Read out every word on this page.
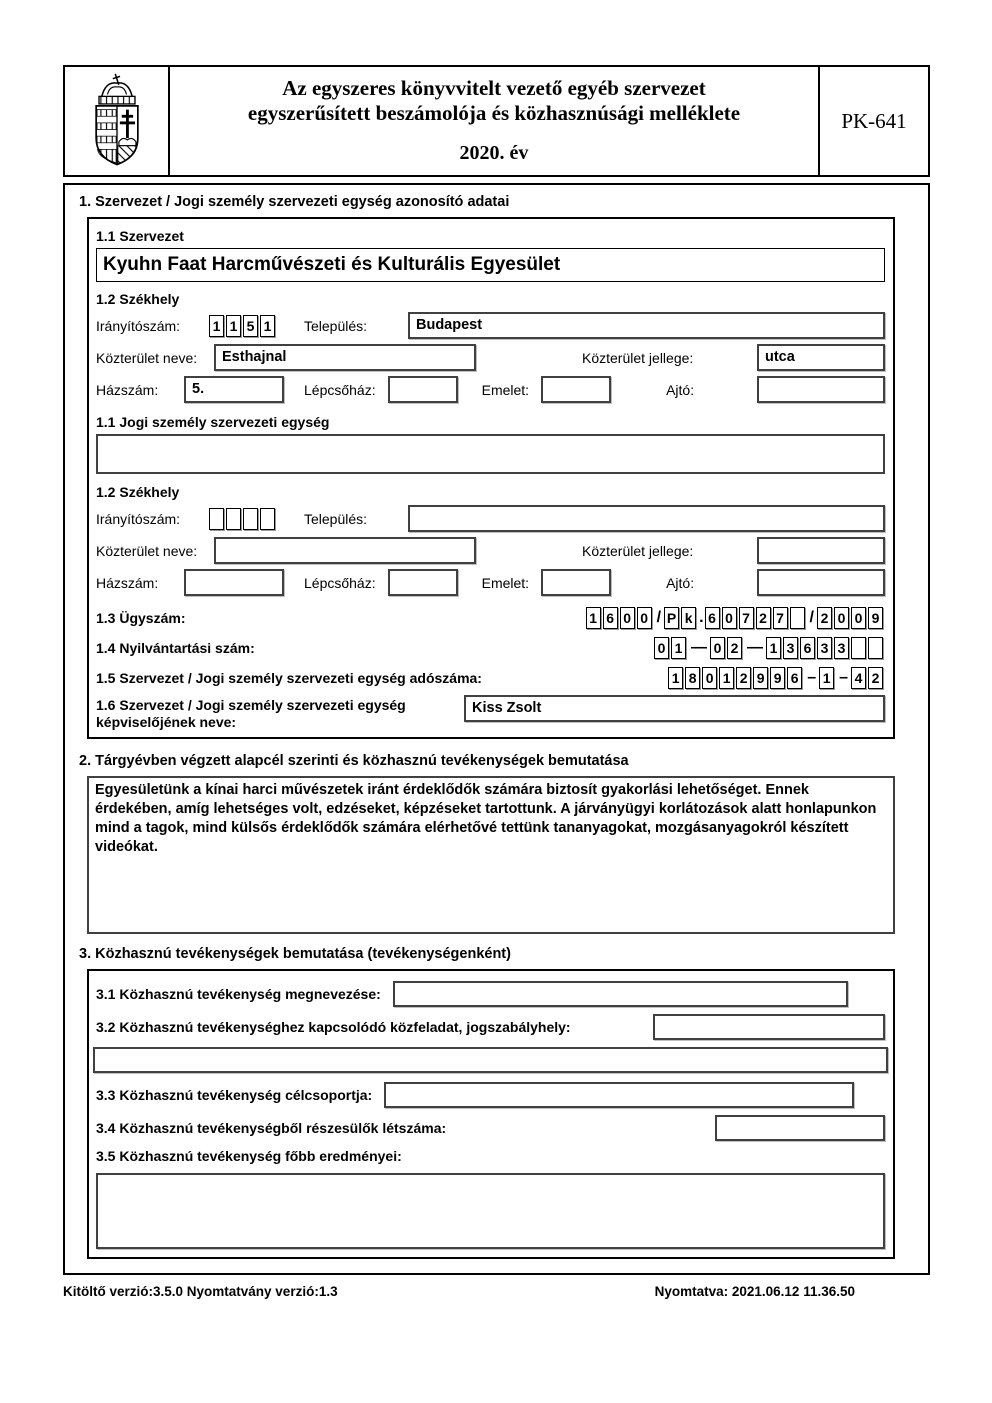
Az egyszeres könyvvitelt vezető egyéb szervezet
egyszerűsített beszámolója és közhasznúsági melléklete
2020. év
PK-641
1. Szervezet / Jogi személy szervezeti egység azonosító adatai
1.1 Szervezet
Kyuhn Faat Harcművészeti és Kulturális Egyesület
1.2 Székhely
Irányítószám:	1 1 5 1 Település:	Budapest
Közterület neve:	Esthajnal	Közterület jellege:	utca
Házszám:	5.	Lépcsőház:	Emelet:	Ajtó:
1.1 Jogi személy szervezeti egység
1.2 Székhely
Irányítószám:	Település:
Közterület neve:	Közterület jellege:
Házszám:	Lépcsőház:	Emelet:	Ajtó:
1.3 Ügyszám:	1 6 0 0 / P k . 6 0 7 2 7 / 2 0 0 9
1.4 Nyilvántartási szám:	0 1 — 0 2 — 1 3 6 3 3
1.5 Szervezet / Jogi személy szervezeti egység adószáma:	1 8 0 1 2 9 9 6 – 1 – 4 2
1.6 Szervezet / Jogi személy szervezeti egység képviselőjének neve:
Kiss Zsolt
2. Tárgyévben végzett alapcél szerinti és közhasznú tevékenységek bemutatása
Egyesületünk a kínai harci művészetek iránt érdeklődők számára biztosít gyakorlási lehetőséget. Ennek érdekében, amíg lehetséges volt, edzéseket, képzéseket tartottunk. A járványügyi korlátozások alatt honlapunkon mind a tagok, mind külsős érdeklődők számára elérhetővé tettünk tananyagokat, mozgásanyagokról készített videókat.
3. Közhasznú tevékenységek bemutatása (tevékenységenként)
3.1 Közhasznú tevékenység megnevezése:
3.2 Közhasznú tevékenységhez kapcsolódó közfeladat, jogszabályhely:
3.3 Közhasznú tevékenység célcsoportja:
3.4 Közhasznú tevékenységből részesülők létszáma:
3.5 Közhasznú tevékenység főbb eredményei:
Kitöltő verzió:3.5.0 Nyomtatvány verzió:1.3	Nyomtatva: 2021.06.12 11.36.50
